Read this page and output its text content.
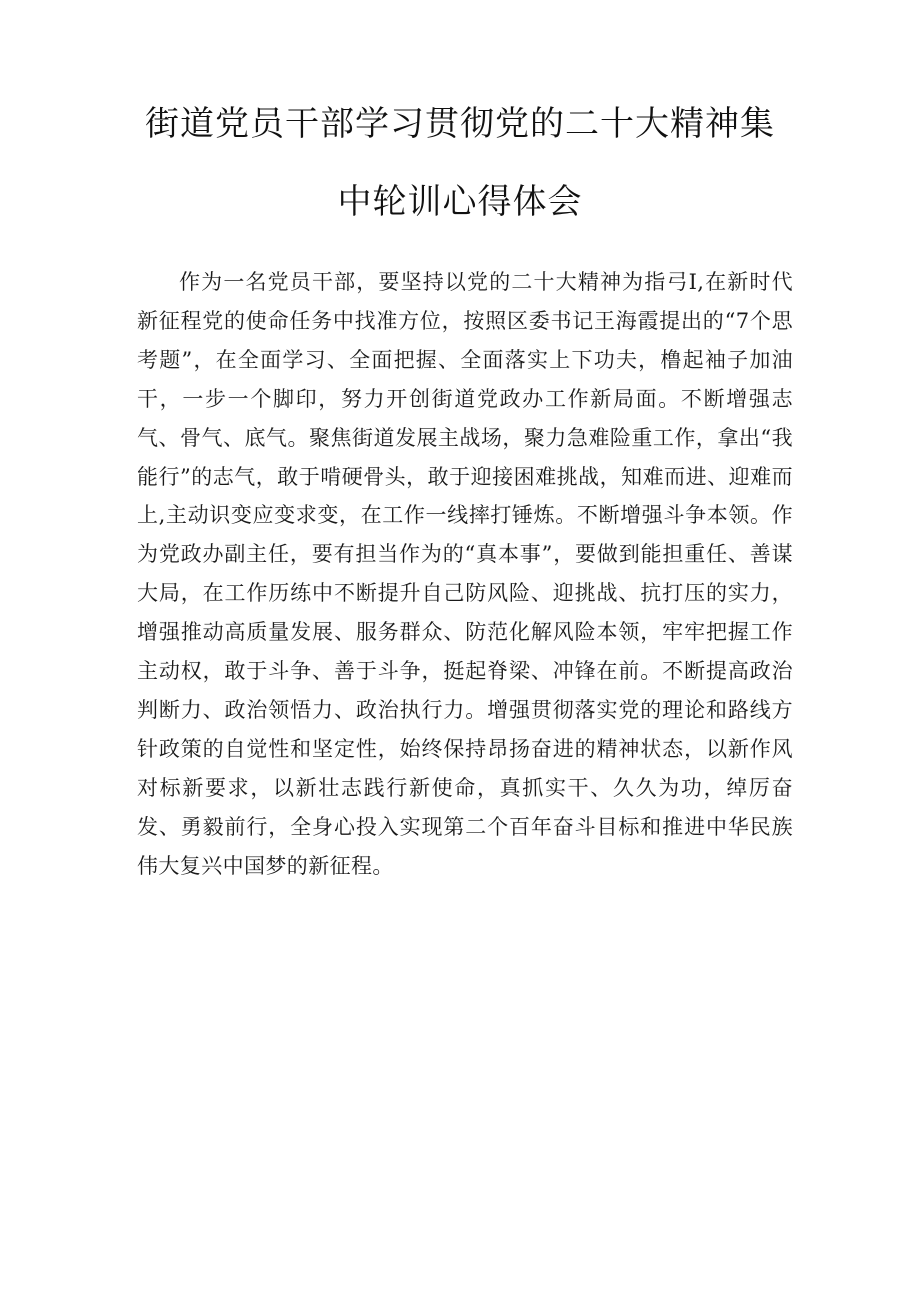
街道党员干部学习贯彻党的二十大精神集
中轮训心得体会

作为一名党员干部，要坚持以党的二十大精神为指弓I,在新时代新征程党的使命任务中找准方位，按照区委书记王海霞提出的“7个思考题”，在全面学习、全面把握、全面落实上下功夫，橹起袖子加油干，一步一个脚印，努力开创街道党政办工作新局面。不断增强志气、骨气、底气。聚焦街道发展主战场，聚力急难险重工作，拿出“我能行”的志气，敢于啃硬骨头，敢于迎接困难挑战，知难而进、迎难而上,主动识变应变求变，在工作一线摔打锤炼。不断增强斗争本领。作为党政办副主任，要有担当作为的“真本事”，要做到能担重任、善谋大局，在工作历练中不断提升自己防风险、迎挑战、抗打压的实力，增强推动高质量发展、服务群众、防范化解风险本领，牢牢把握工作主动权，敢于斗争、善于斗争，挺起脊梁、冲锋在前。不断提高政治判断力、政治领悟力、政治执行力。增强贯彻落实党的理论和路线方针政策的自觉性和坚定性，始终保持昂扬奋进的精神状态，以新作风对标新要求，以新壮志践行新使命，真抓实干、久久为功，绰厉奋发、勇毅前行，全身心投入实现第二个百年奋斗目标和推进中华民族伟大复兴中国梦的新征程。
